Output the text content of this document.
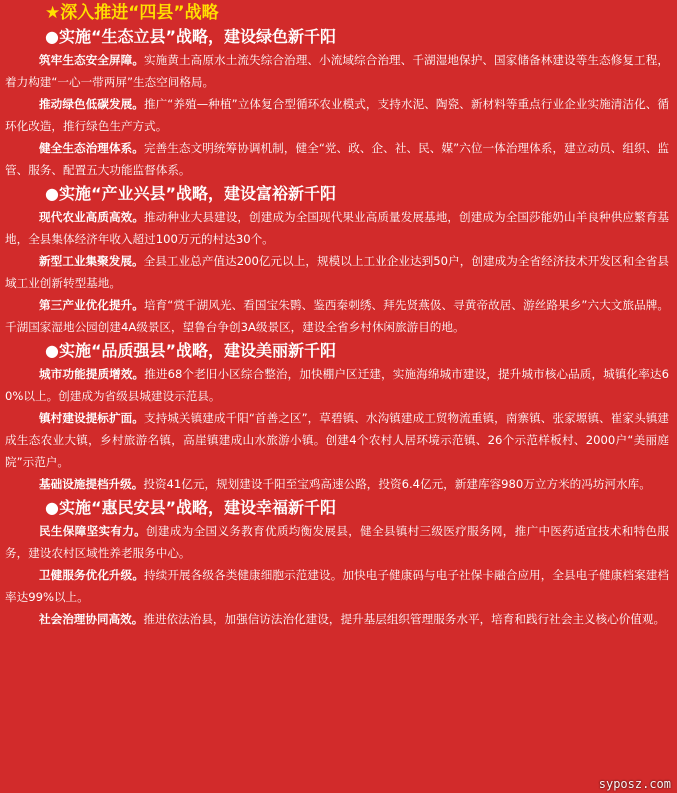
★深入推进“四县”战略
●实施“生态立县”战略，建设绿色新千阳

筑牢生态安全屏障。实施黄土高原水土流失综合治理、小流域综合治理、千湖湿地保护、国家储备林建设等生态修复工程，着力构建“一心一带两屏”生态空间格局。

推动绿色低碳发展。推广“养殖—种植”立体复合型循环农业模式，支持水泥、陶瓷、新材料等重点行业企业实施清洁化、循环化改造，推行绿色生产方式。

健全生态治理体系。完善生态文明统筹协调机制，健全“党、政、企、社、民、媒”六位一体治理体系，建立动员、组织、监管、服务、配置五大功能监督体系。

●实施“产业兴县”战略，建设富裕新千阳

现代农业高质高效。推动种业大县建设，创建成为全国现代果业高质量发展基地，创建成为全国莎能奶山羊良种供应繁育基地，全县集体经济年收入超过100万元的村达30个。

新型工业集聚发展。全县工业总产值达200亿元以上，规模以上工业企业达到50户，创建成为全省经济技术开发区和全省县域工业创新转型基地。

第三产业优化提升。培育“赏千湖风光、看国宝朱鹮、鉴西秦刺绣、拜先贤燕伋、寻黄帝故居、游丝路果乡”六大文旅品牌。千湖国家湿地公园创建4A级景区，望鲁台争创3A级景区，建设全省乡村休闲旅游目的地。

●实施“品质强县”战略，建设美丽新千阳

城市功能提质增效。推进68个老旧小区综合整治，加快棚户区迁建，实施海绵城市建设，提升城市核心品质，城镇化率达60%以上。创建成为省级县城建设示范县。

镇村建设提标扩面。支持城关镇建成千阳“首善之区”，草碧镇、水沟镇建成工贸物流重镇，南寨镇、张家塬镇、崔家头镇建成生态农业大镇，乡村旅游名镇，高崖镇建成山水旅游小镇。创建4个农村人居环境示范镇、26个示范样板村、2000户“美丽庭院”示范户。

基础设施提档升级。投资41亿元，规划建设千阳至宝鸡高速公路，投资6.4亿元，新建库容980万立方米的冯坊河水库。

●实施“惠民安县”战略，建设幸福新千阳

民生保障坚实有力。创建成为全国义务教育优质均衡发展县，健全县镇村三级医疗服务网，推广中医药适宜技术和特色服务，建设农村区域性养老服务中心。

卫健服务优化升级。持续开展各级各类健康细胞示范建设。加快电子健康码与电子社保卡融合应用，全县电子健康档案建档率达99%以上。

社会治理协同高效。推进依法治县，加强信访法治化建设，提升基层组织管理服务水平，培育和践行社会主义核心价值观。

syposz.com
